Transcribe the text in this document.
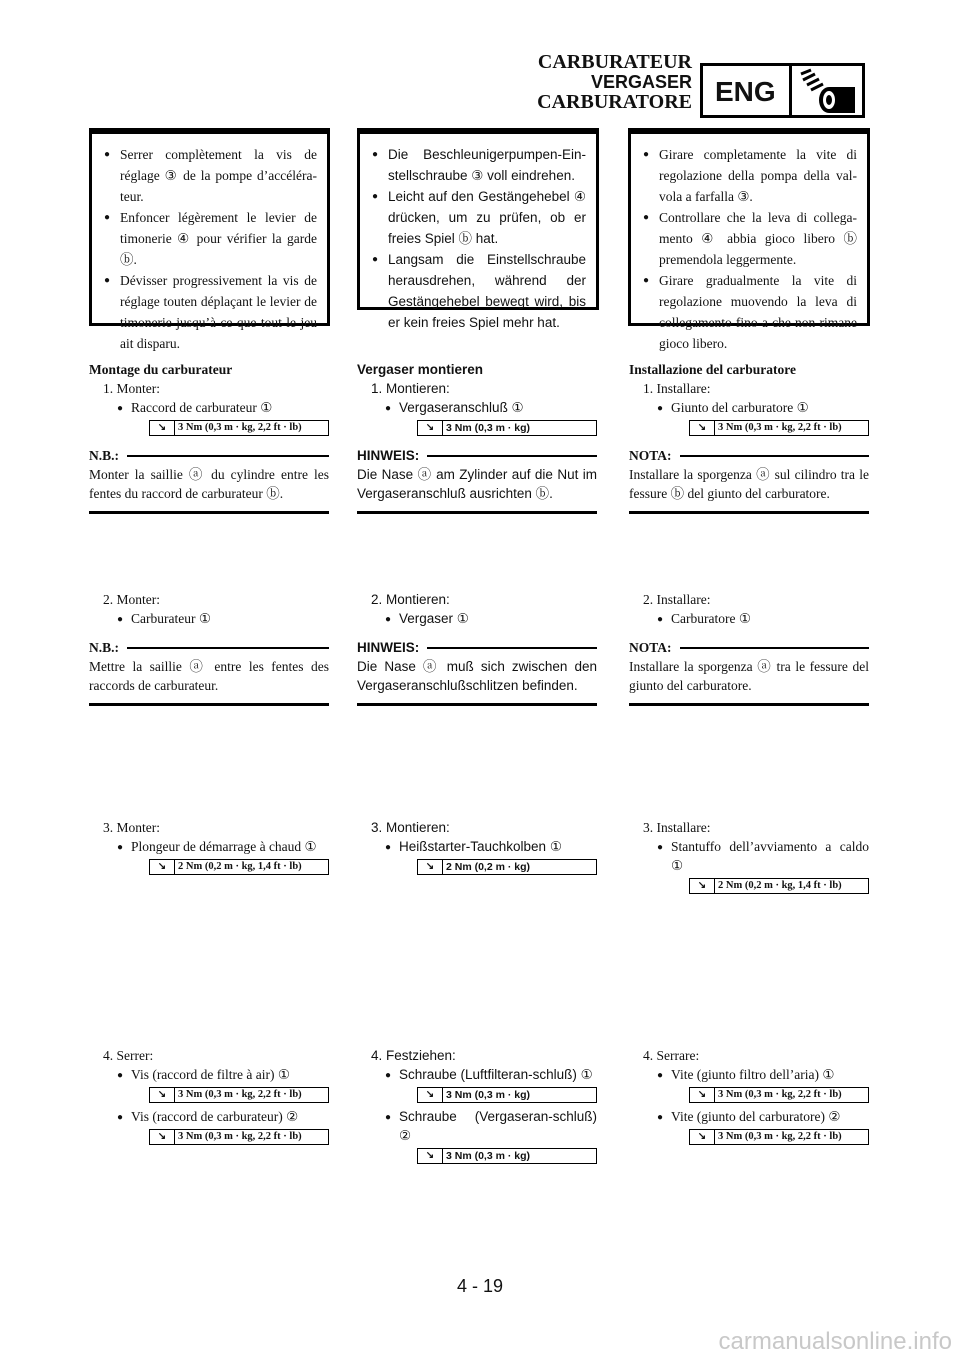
CARBURATEUR
VERGASER
CARBURATORE ENG
● Serrer complètement la vis de réglage ③ de la pompe d’accéléra-teur.
● Enfoncer légèrement le levier de timonerie ④ pour vérifier la garde ⓑ.
● Dévisser progressivement la vis de réglage touten déplaçant le levier de timonerie jusqu’à ce que tout le jeu ait disparu.
● Die Beschleunigerpumpen-Ein-stellschraube ③ voll eindrehen.
● Leicht auf den Gestängehebel ④ drücken, um zu prüfen, ob er freies Spiel ⓑ hat.
● Langsam die Einstellschraube herausdrehen, während der Gestängehebel bewegt wird, bis er kein freies Spiel mehr hat.
● Girare completamente la vite di regolazione della pompa della val-vola a farfalla ③.
● Controllare che la leva di collega-mento ④ abbia gioco libero ⓑ premendola leggermente.
● Girare gradualmente la vite di regolazione muovendo la leva di collegamento fino a che non rimane gioco libero.
Montage du carburateur
1. Monter:
● Raccord de carburateur ①
↘	3 Nm (0,3 m · kg, 2,2 ft · lb)
N.B.:
Monter la saillie ⓐ du cylindre entre les fentes du raccord de carburateur ⓑ.
2. Monter:
● Carburateur ①
N.B.:
Mettre la saillie ⓐ entre les fentes des raccords de carburateur.
3. Monter:
● Plongeur de démarrage à chaud ①
↘	2 Nm (0,2 m · kg, 1,4 ft · lb)
4. Serrer:
● Vis (raccord de filtre à air) ①
↘	3 Nm (0,3 m · kg, 2,2 ft · lb)
● Vis (raccord de carburateur) ②
↘	3 Nm (0,3 m · kg, 2,2 ft · lb)
Vergaser montieren
1. Montieren:
● Vergaseranschluß ①
↘	3 Nm (0,3 m · kg)
HINWEIS:
Die Nase ⓐ am Zylinder auf die Nut im Vergaseranschluß ausrichten ⓑ.
2. Montieren:
● Vergaser ①
HINWEIS:
Die Nase ⓐ muß sich zwischen den Vergaseranschlußschlitzen befinden.
3. Montieren:
● Heißstarter-Tauchkolben ①
↘	2 Nm (0,2 m · kg)
4. Festziehen:
● Schraube (Luftfilteran-schluß) ①
↘	3 Nm (0,3 m · kg)
● Schraube (Vergaseran-schluß) ②
↘	3 Nm (0,3 m · kg)
Installazione del carburatore
1. Installare:
● Giunto del carburatore ①
↘	3 Nm (0,3 m · kg, 2,2 ft · lb)
NOTA:
Installare la sporgenza ⓐ sul cilindro tra le fessure ⓑ del giunto del carburatore.
2. Installare:
● Carburatore ①
NOTA:
Installare la sporgenza ⓐ tra le fessure del giunto del carburatore.
3. Installare:
● Stantuffo dell’avviamento a caldo ①
↘	2 Nm (0,2 m · kg, 1,4 ft · lb)
4. Serrare:
● Vite (giunto filtro dell’aria) ①
↘	3 Nm (0,3 m · kg, 2,2 ft · lb)
● Vite (giunto del carburatore) ②
↘	3 Nm (0,3 m · kg, 2,2 ft · lb)
4 - 19
carmanualsonline.info
